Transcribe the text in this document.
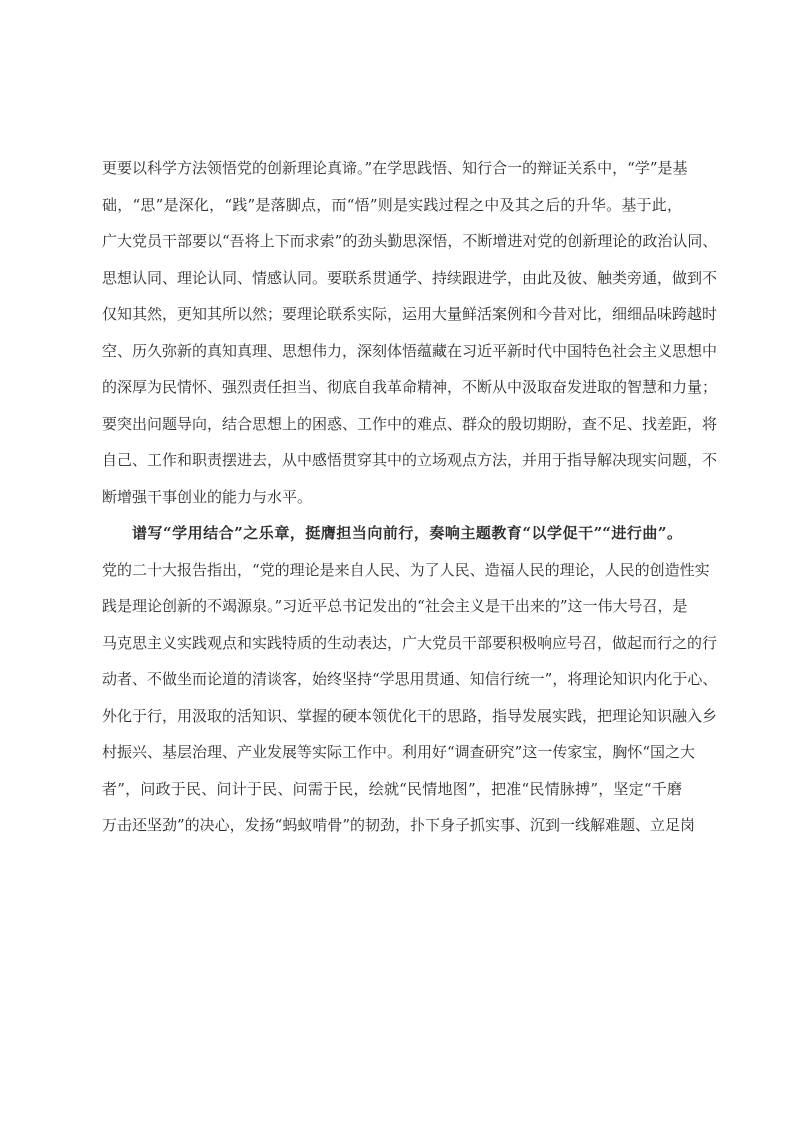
更要以科学方法领悟党的创新理论真谛。”在学思践悟、知行合一的辩证关系中，“学”是基
础，“思”是深化，“践”是落脚点，而“悟”则是实践过程之中及其之后的升华。基于此，
广大党员干部要以“吾将上下而求索”的劲头勤思深悟，不断增进对党的创新理论的政治认同、
思想认同、理论认同、情感认同。要联系贯通学、持续跟进学，由此及彼、触类旁通，做到不
仅知其然，更知其所以然；要理论联系实际，运用大量鲜活案例和今昔对比，细细品味跨越时
空、历久弥新的真知真理、思想伟力，深刻体悟蕴藏在习近平新时代中国特色社会主义思想中
的深厚为民情怀、强烈责任担当、彻底自我革命精神，不断从中汲取奋发进取的智慧和力量；
要突出问题导向，结合思想上的困惑、工作中的难点、群众的殷切期盼，查不足、找差距，将
自己、工作和职责摆进去，从中感悟贯穿其中的立场观点方法，并用于指导解决现实问题，不
断增强干事创业的能力与水平。
谱写“学用结合”之乐章，挺膺担当向前行，奏响主题教育“以学促干”“进行曲”。
党的二十大报告指出，“党的理论是来自人民、为了人民、造福人民的理论，人民的创造性实
践是理论创新的不竭源泉。”习近平总书记发出的“社会主义是干出来的”这一伟大号召，是
马克思主义实践观点和实践特质的生动表达，广大党员干部要积极响应号召，做起而行之的行
动者、不做坐而论道的清谈客，始终坚持“学思用贯通、知信行统一”，将理论知识内化于心、
外化于行，用汲取的活知识、掌握的硬本领优化干的思路，指导发展实践，把理论知识融入乡
村振兴、基层治理、产业发展等实际工作中。利用好“调查研究”这一传家宝，胸怀“国之大
者”，问政于民、问计于民、问需于民，绘就“民情地图”，把准“民情脉搏”，坚定“千磨
万击还坚劲”的决心，发扬“蚂蚁啃骨”的韧劲，扑下身子抓实事、沉到一线解难题、立足岗
